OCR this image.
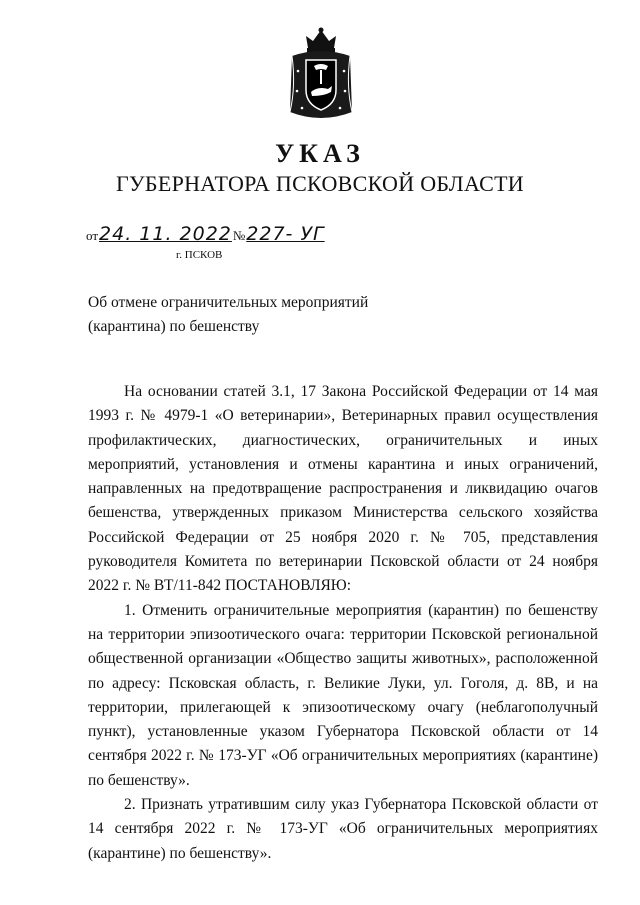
УКАЗ
ГУБЕРНАТОРА ПСКОВСКОЙ ОБЛАСТИ
от24. 11. 2022№227- УГ
г. ПСКОВ
Об отмене ограничительных мероприятий
(карантина) по бешенству

На основании статей 3.1, 17 Закона Российской Федерации от 14 мая 1993 г. № 4979-1 «О ветеринарии», Ветеринарных правил осуществления профилактических, диагностических, ограничительных и иных мероприятий, установления и отмены карантина и иных ограничений, направленных на предотвращение распространения и ликвидацию очагов бешенства, утвержденных приказом Министерства сельского хозяйства Российской Федерации от 25 ноября 2020 г. № 705, представления руководителя Комитета по ветеринарии Псковской области от 24 ноября 2022 г. № ВТ/11-842 ПОСТАНОВЛЯЮ:

1. Отменить ограничительные мероприятия (карантин) по бешенству на территории эпизоотического очага: территории Псковской региональной общественной организации «Общество защиты животных», расположенной по адресу: Псковская область, г. Великие Луки, ул. Гоголя, д. 8В, и на территории, прилегающей к эпизоотическому очагу (неблагополучный пункт), установленные указом Губернатора Псковской области от 14 сентября 2022 г. № 173-УГ «Об ограничительных мероприятиях (карантине) по бешенству».

2. Признать утратившим силу указ Губернатора Псковской области от 14 сентября 2022 г. № 173-УГ «Об ограничительных мероприятиях (карантине) по бешенству».
